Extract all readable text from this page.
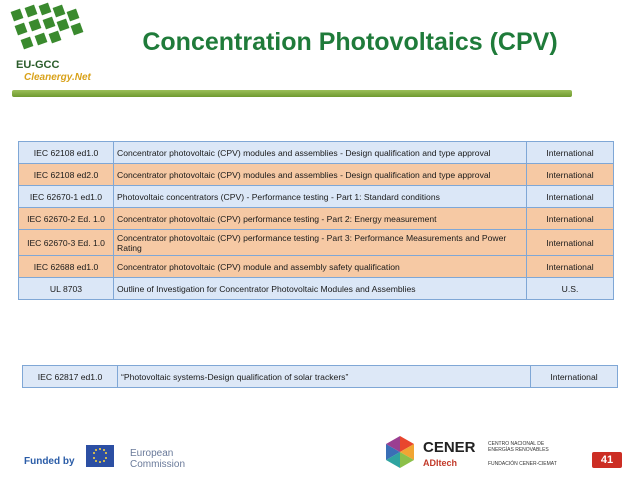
EU-GCC
Cleanergy.Net
Concentration Photovoltaics (CPV)
IEC 62108 ed1.0	Concentrator photovoltaic (CPV) modules and assemblies - Design qualification and type approval	International
IEC 62108 ed2.0	Concentrator photovoltaic (CPV) modules and assemblies - Design qualification and type approval	International
IEC 62670-1 ed1.0	Photovoltaic concentrators (CPV) - Performance testing - Part 1: Standard conditions	International
IEC 62670-2 Ed. 1.0	Concentrator photovoltaic (CPV) performance testing - Part 2: Energy measurement	International
IEC 62670-3 Ed. 1.0	Concentrator photovoltaic (CPV) performance testing - Part 3: Performance Measurements and Power Rating	International
IEC 62688 ed1.0	Concentrator photovoltaic (CPV) module and assembly safety qualification	International
UL 8703	Outline of Investigation for Concentrator Photovoltaic Modules and Assemblies	U.S.
IEC 62817 ed1.0	“Photovoltaic systems-Design qualification of solar trackers”	International
Funded by
European
Commission
CENER
ADItech
CENTRO NACIONAL DE ENERGÍAS RENOVABLES
FUNDACIÓN CENER-CIEMAT	41
